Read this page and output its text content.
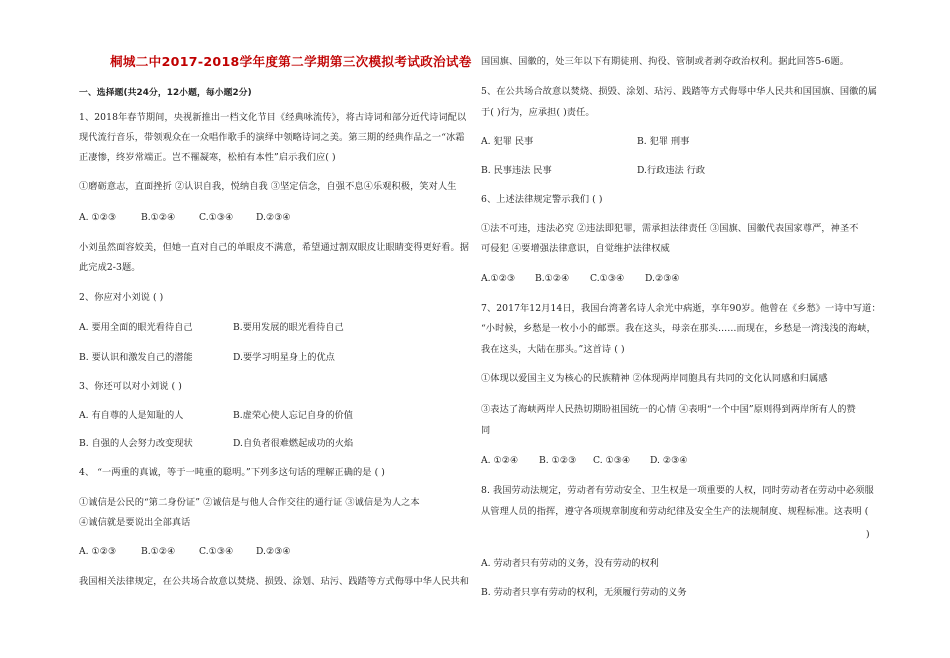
桐城二中2017-2018学年度第二学期第三次模拟考试政治试卷
一、选择题(共24分，12小题，每小题2分)
1、2018年春节期间，央视新推出一档文化节目《经典咏流传》，将古诗词和部分近代诗词配以
现代流行音乐，带领观众在一众唱作歌手的演绎中领略诗词之美。第三期的经典作品之一“冰霜
正凄惨，终岁常端正。岂不罹凝寒，松柏有本性”启示我们应( )
①磨砺意志，直面挫折 ②认识自我，悦纳自我 ③坚定信念，自强不息④乐观积极，笑对人生
A. ①②③	B.①②④	C.①③④ D.②③④
小刘虽然面容姣美，但她一直对自己的单眼皮不满意，希望通过割双眼皮让眼睛变得更好看。据
此完成2-3题。
2、你应对小刘说 ( )
A. 要用全面的眼光看待自己	B.要用发展的眼光看待自己
B. 要认识和激发自己的潜能	D.要学习明星身上的优点
3、你还可以对小刘说 ( )
A. 有自尊的人是知耻的人	B.虚荣心使人忘记自身的价值
B. 自强的人会努力改变现状	D.自负者很难燃起成功的火焰
4、 “一两重的真诚，等于一吨重的聪明。”下列多这句话的理解正确的是 ( )
①诚信是公民的“第二身份证” ②诚信是与他人合作交往的通行证 ③诚信是为人之本
④诚信就是要说出全部真话
A. ①②③	B.①②④	C.①③④ D.②③④
我国相关法律规定，在公共场合故意以焚烧、损毁、涂划、玷污、践踏等方式侮辱中华人民共和
国国旗、国徽的，处三年以下有期徒刑、拘役、管制或者剥夺政治权利。据此回答5-6题。
5、在公共场合故意以焚烧、损毁、涂划、玷污、践踏等方式侮辱中华人民共和国国旗、国徽的属
于( )行为，应承担( )责任。
A. 犯罪 民事	B. 犯罪 刑事
B. 民事违法 民事	D.行政违法 行政
6、上述法律规定警示我们 ( )
①法不可违，违法必究 ②违法即犯罪，需承担法律责任 ③国旗、国徽代表国家尊严，神圣不
可侵犯 ④要增强法律意识，自觉维护法律权威
A.①②③ B.①②④ C.①③④ D.②③④
7、2017年12月14日，我国台湾著名诗人余光中病逝，享年90岁。他曾在《乡愁》一诗中写道：
“小时候，乡愁是一枚小小的邮票。我在这头，母亲在那头……而现在，乡愁是一湾浅浅的海峡，
我在这头，大陆在那头。”这首诗 ( )
①体现以爱国主义为核心的民族精神 ②体现两岸同胞具有共同的文化认同感和归属感
③表达了海峡两岸人民热切期盼祖国统一的心情 ④表明“一个中国”原则得到两岸所有人的赞
同
A. ①②④ B. ①②③ C. ①③④ D. ②③④
8. 我国劳动法规定，劳动者有劳动安全、卫生权是一项重要的人权，同时劳动者在劳动中必须服
从管理人员的指挥，遵守各项规章制度和劳动纪律及安全生产的法规制度、规程标准。这表明 (
)
A. 劳动者只有劳动的义务，没有劳动的权利
B. 劳动者只享有劳动的权利，无须履行劳动的义务
